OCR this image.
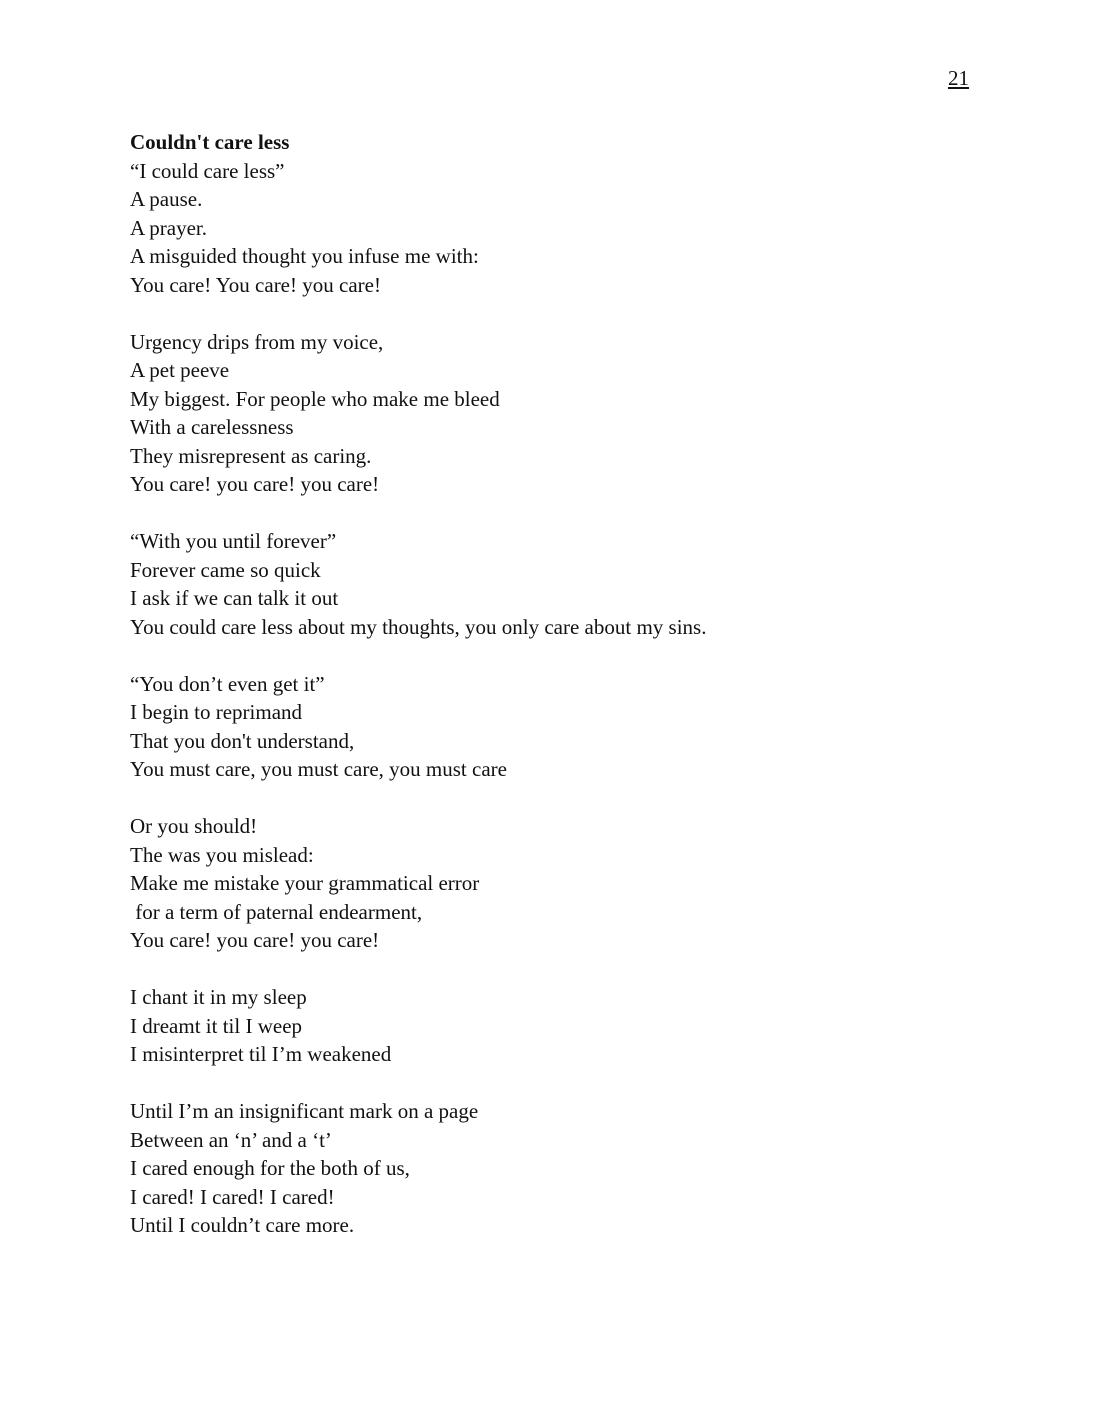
21
Couldn't care less
“I could care less”
A pause.
A prayer.
A misguided thought you infuse me with:
You care! You care! you care!
Urgency drips from my voice,
A pet peeve
My biggest. For people who make me bleed
With a carelessness
They misrepresent as caring.
You care! you care! you care!
“With you until forever”
Forever came so quick
I ask if we can talk it out
You could care less about my thoughts, you only care about my sins.
“You don’t even get it”
I begin to reprimand
That you don't understand,
You must care, you must care, you must care
Or you should!
The was you mislead:
Make me mistake your grammatical error
for a term of paternal endearment,
You care! you care! you care!
I chant it in my sleep
I dreamt it til I weep
I misinterpret til I’m weakened
Until I’m an insignificant mark on a page
Between an ‘n’ and a ‘t’
I cared enough for the both of us,
I cared! I cared! I cared!
Until I couldn’t care more.
